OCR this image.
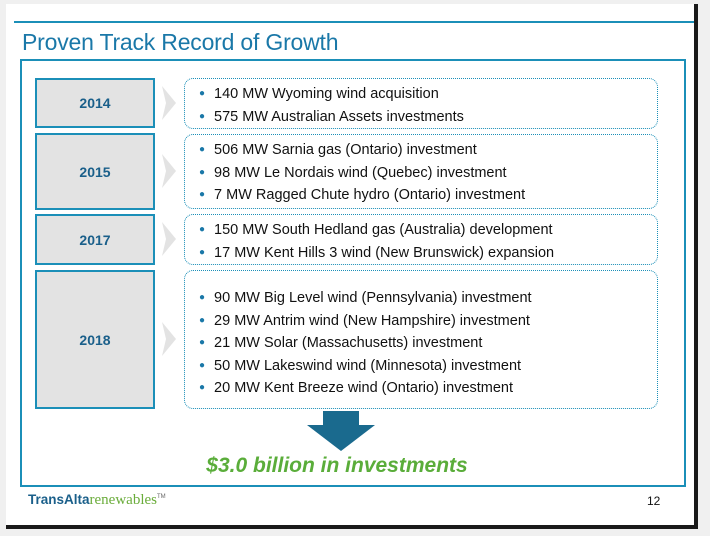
Proven Track Record of Growth
2014
● 140 MW Wyoming wind acquisition
● 575 MW Australian Assets investments
2015
● 506 MW Sarnia gas (Ontario) investment
● 98 MW Le Nordais wind (Quebec) investment
● 7 MW Ragged Chute hydro (Ontario) investment
2017
● 150 MW South Hedland gas (Australia) development
● 17 MW Kent Hills 3 wind (New Brunswick) expansion
2018
● 90 MW Big Level wind (Pennsylvania) investment
● 29 MW Antrim wind (New Hampshire) investment
● 21 MW Solar (Massachusetts) investment
● 50 MW Lakeswind wind (Minnesota) investment
● 20 MW Kent Breeze wind (Ontario) investment
$3.0 billion in investments
TransAltarenewables™	12
